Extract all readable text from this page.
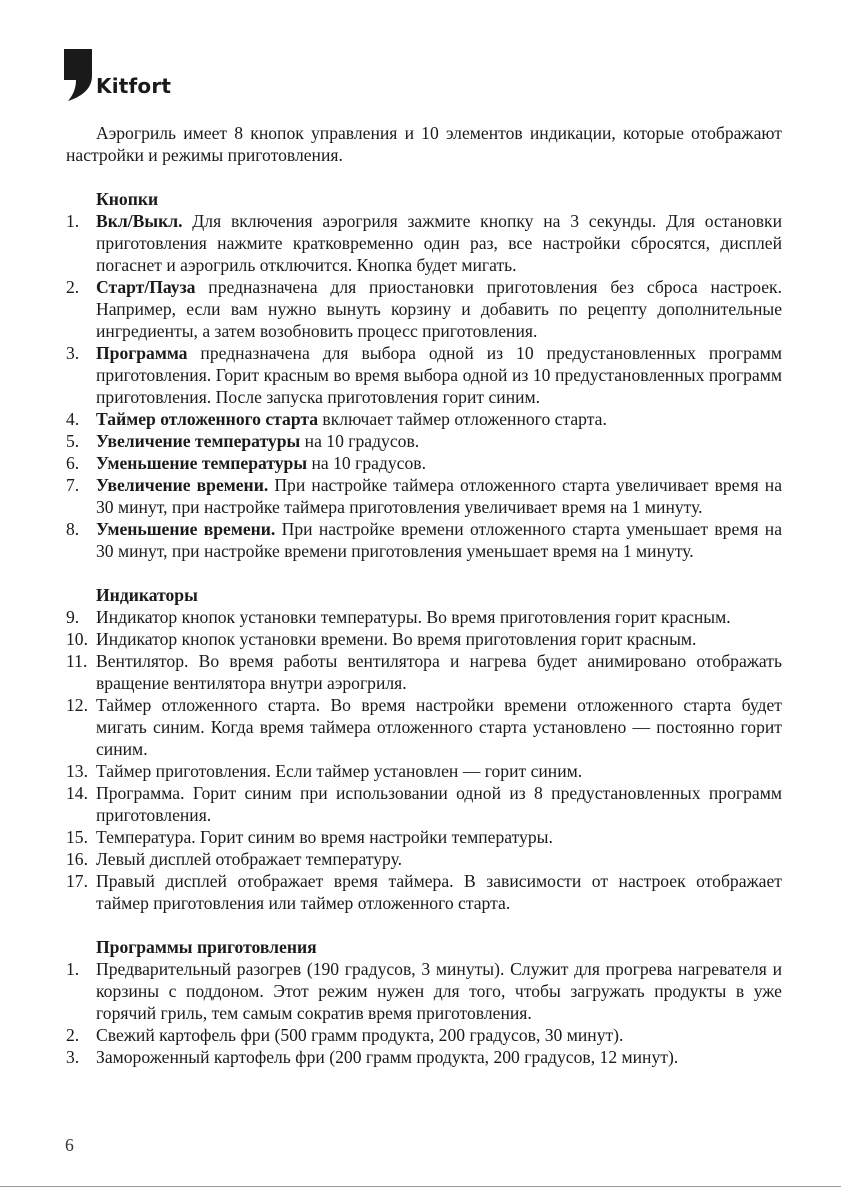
Kitfort

Аэрогриль имеет 8 кнопок управления и 10 элементов индикации, которые отображают настройки и режимы приготовления.

Кнопки

1. Вкл/Выкл. Для включения аэрогриля зажмите кнопку на 3 секунды. Для остановки приготовления нажмите кратковременно один раз, все настройки сбросятся, дисплей погаснет и аэрогриль отключится. Кнопка будет мигать.
2. Старт/Пауза предназначена для приостановки приготовления без сброса настроек. Например, если вам нужно вынуть корзину и добавить по рецепту дополнительные ингредиенты, а затем возобновить процесс приготовления.
3. Программа предназначена для выбора одной из 10 предустановленных программ приготовления. Горит красным во время выбора одной из 10 предустановленных программ приготовления. После запуска приготовления горит синим.
4. Таймер отложенного старта включает таймер отложенного старта.
5. Увеличение температуры на 10 градусов.
6. Уменьшение температуры на 10 градусов.
7. Увеличение времени. При настройке таймера отложенного старта увеличивает время на 30 минут, при настройке таймера приготовления увеличивает время на 1 минуту.
8. Уменьшение времени. При настройке времени отложенного старта уменьшает время на 30 минут, при настройке времени приготовления уменьшает время на 1 минуту.

Индикаторы

9. Индикатор кнопок установки температуры. Во время приготовления горит красным.
10. Индикатор кнопок установки времени. Во время приготовления горит красным.
11. Вентилятор. Во время работы вентилятора и нагрева будет анимировано отображать вращение вентилятора внутри аэрогриля.
12. Таймер отложенного старта. Во время настройки времени отложенного старта будет мигать синим. Когда время таймера отложенного старта установлено — постоянно горит синим.
13. Таймер приготовления. Если таймер установлен — горит синим.
14. Программа. Горит синим при использовании одной из 8 предустановленных программ приготовления.
15. Температура. Горит синим во время настройки температуры.
16. Левый дисплей отображает температуру.
17. Правый дисплей отображает время таймера. В зависимости от настроек отображает таймер приготовления или таймер отложенного старта.

Программы приготовления

1. Предварительный разогрев (190 градусов, 3 минуты). Служит для прогрева нагревателя и корзины с поддоном. Этот режим нужен для того, чтобы загружать продукты в уже горячий гриль, тем самым сократив время приготовления.
2. Свежий картофель фри (500 грамм продукта, 200 градусов, 30 минут).
3. Замороженный картофель фри (200 грамм продукта, 200 градусов, 12 минут).
6
